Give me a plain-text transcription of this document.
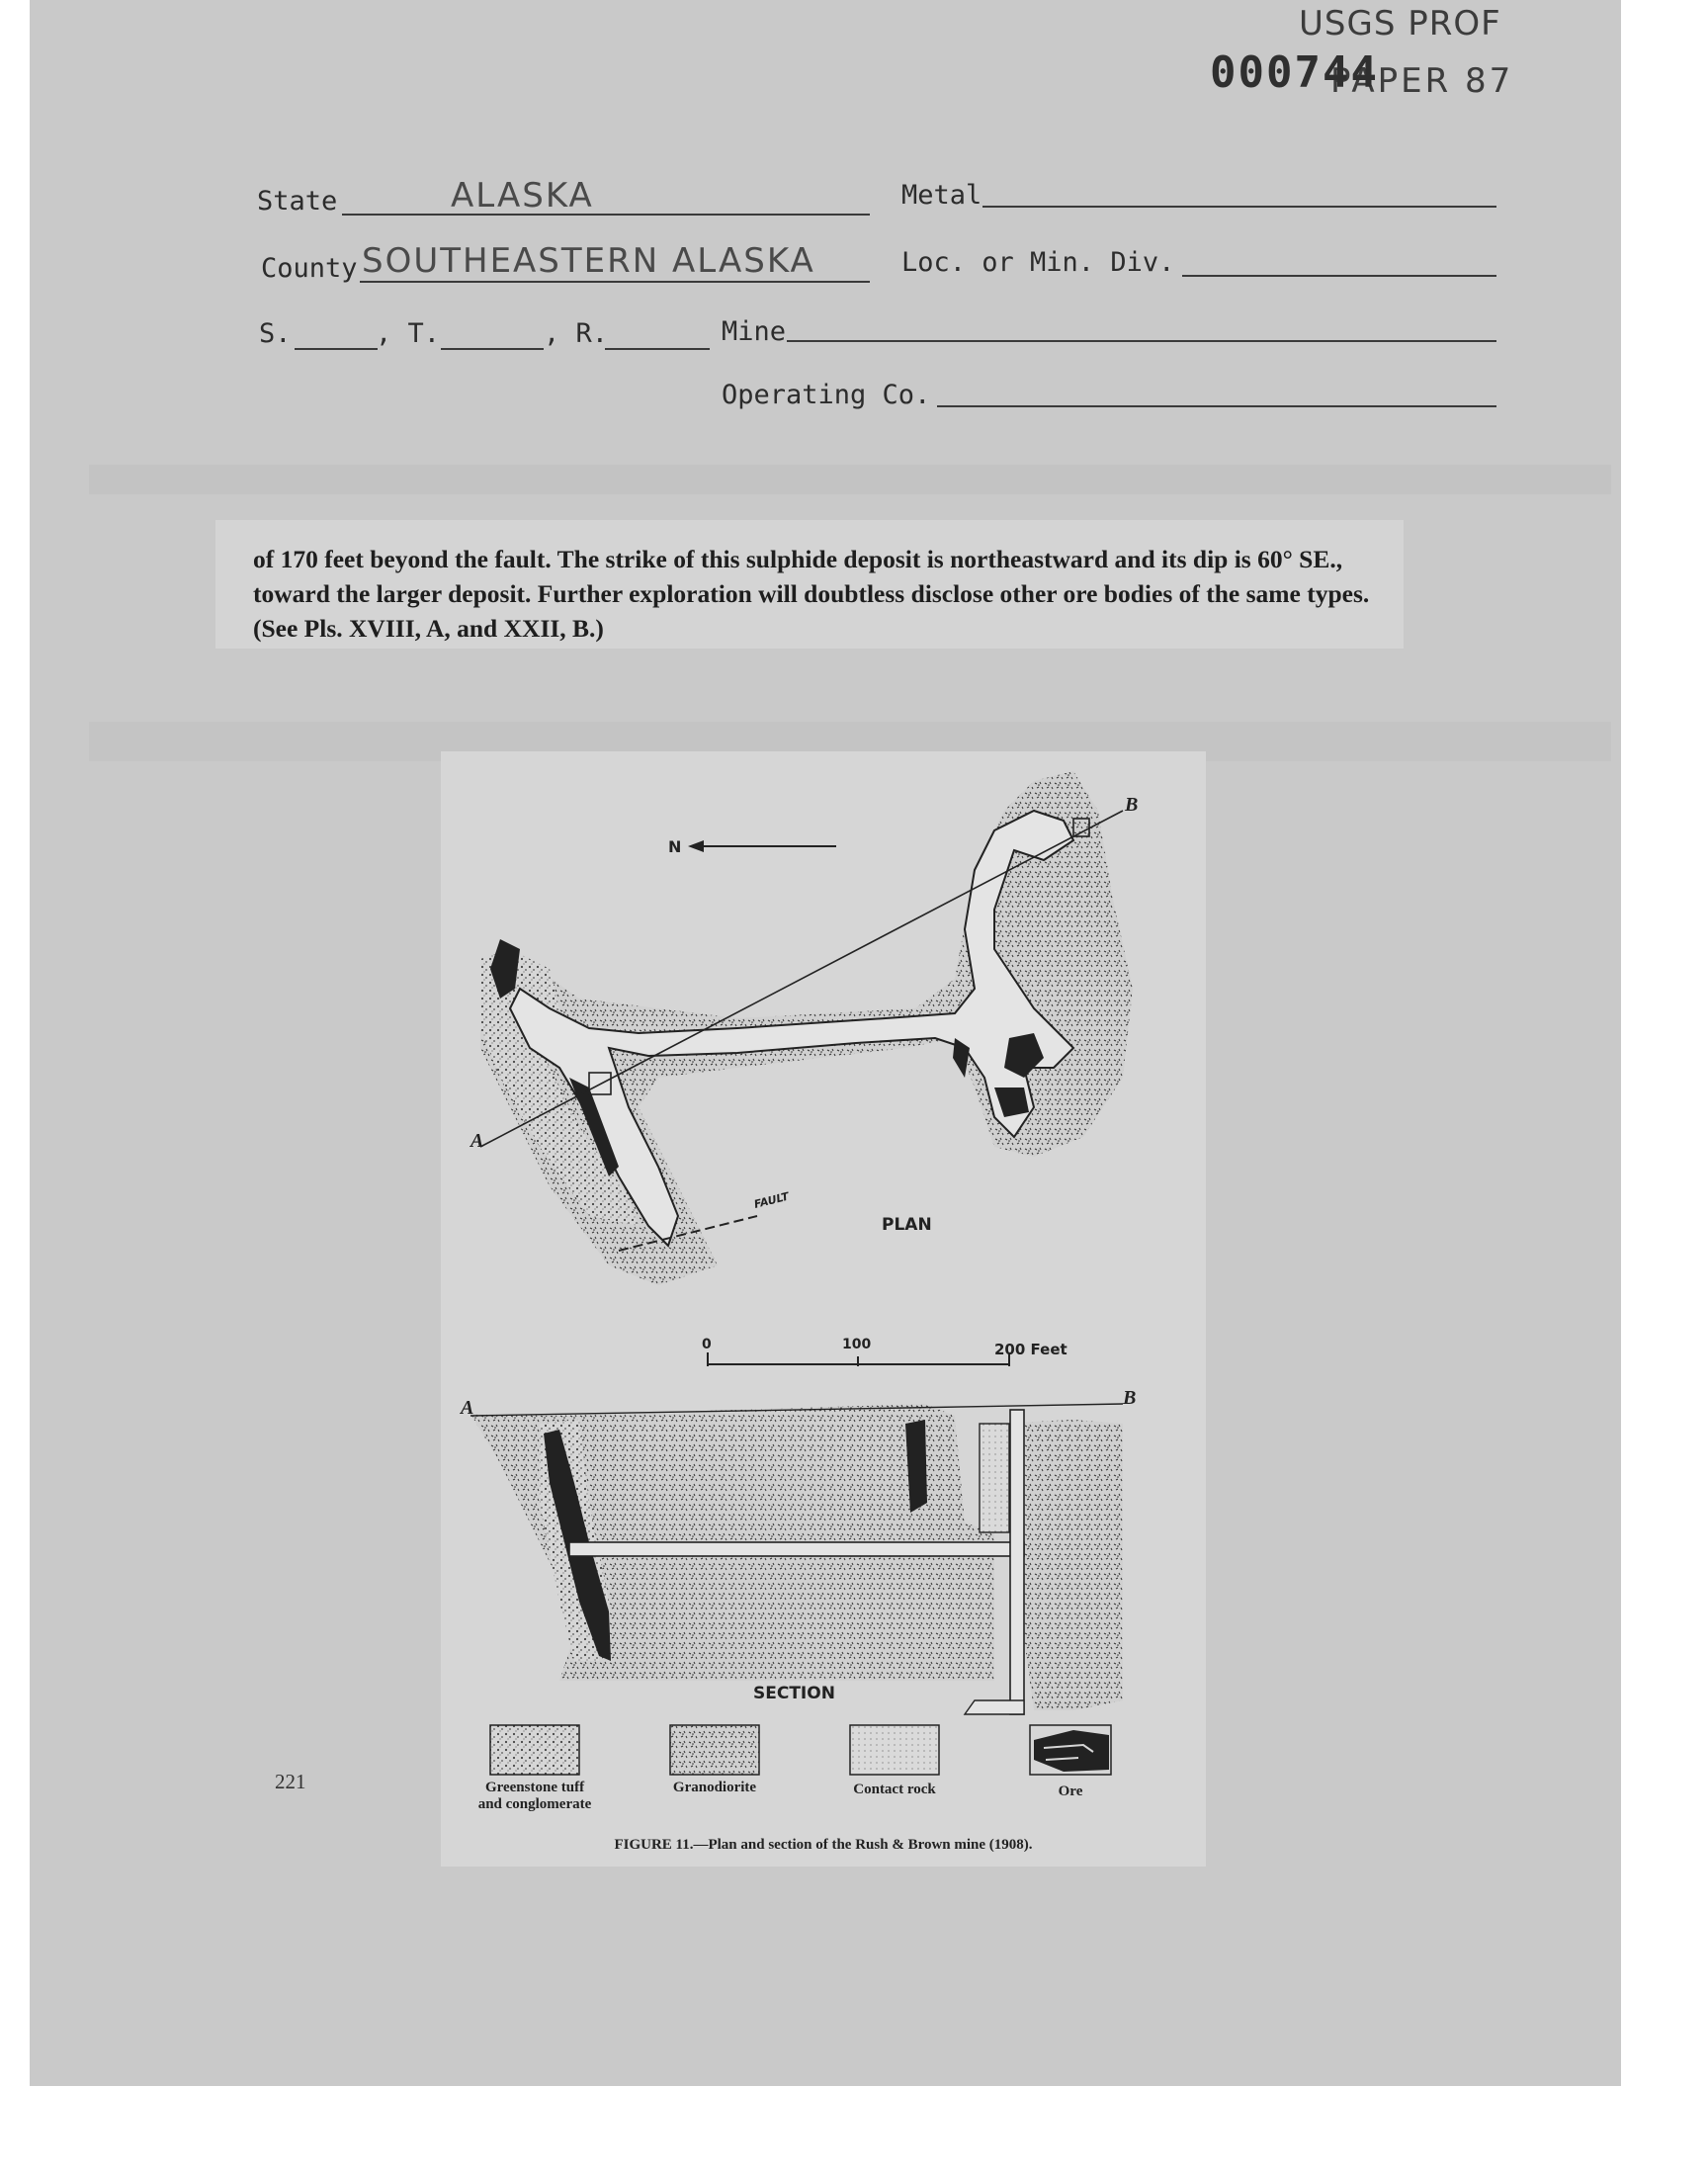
USGS PROF
PAPER 87
000744
State	ALASKA	Metal
County SOUTHEASTERN ALASKA	Loc. or Min. Div.
S.	, T.	, R.	Mine
Operating Co.

of 170 feet beyond the fault. The strike of this sulphide deposit is northeastward and its dip is 60° SE., toward the larger deposit. Further exploration will doubtless disclose other ore bodies of the same types. (See Pls. XVIII, A, and XXII, B.)

A
B
FAULT
N
PLAN
0	100	200 Feet
A	B
SECTION
Greenstone tuff
and conglomerate
Granodiorite	Contact rock	Ore
FIGURE 11.—Plan and section of the Rush & Brown mine (1908).
221
